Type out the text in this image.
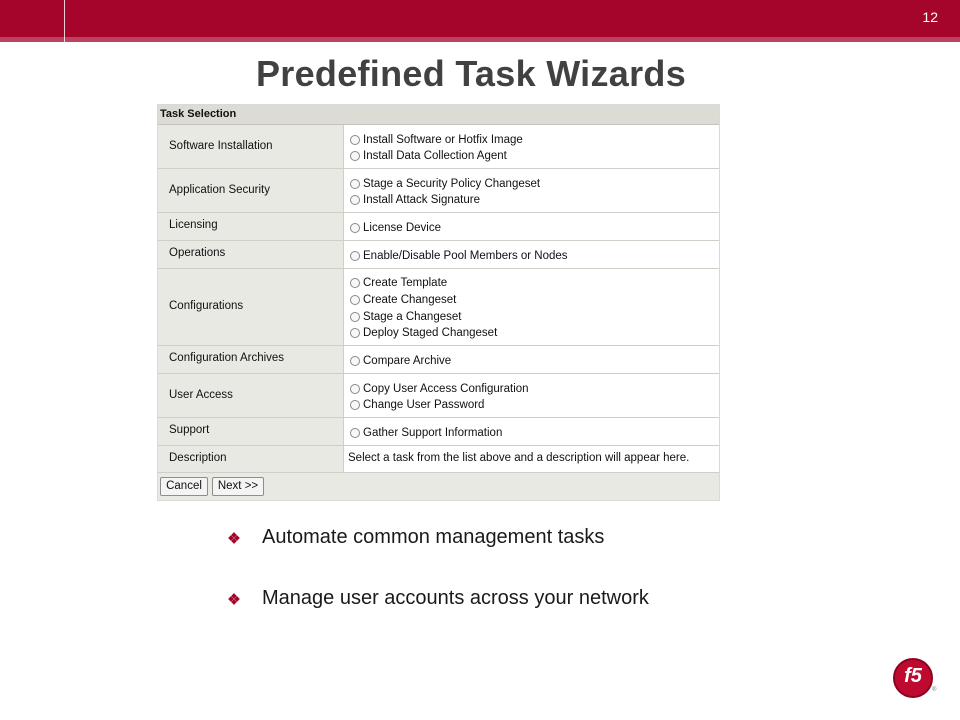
12
Predefined Task Wizards
Task Selection
Software Installation	Install Software or Hotfix Image
Install Data Collection Agent
Application Security	Stage a Security Policy Changeset
Install Attack Signature
Licensing	License Device
Operations	Enable/Disable Pool Members or Nodes
Configurations
Create Template
Create Changeset
Stage a Changeset
Deploy Staged Changeset
Configuration Archives	Compare Archive
User Access	Copy User Access Configuration
Change User Password
Support	Gather Support Information
Description	Select a task from the list above and a description will appear here.
Cancel	Next >>
Automate common management tasks
Manage user accounts across your network
f5
®
